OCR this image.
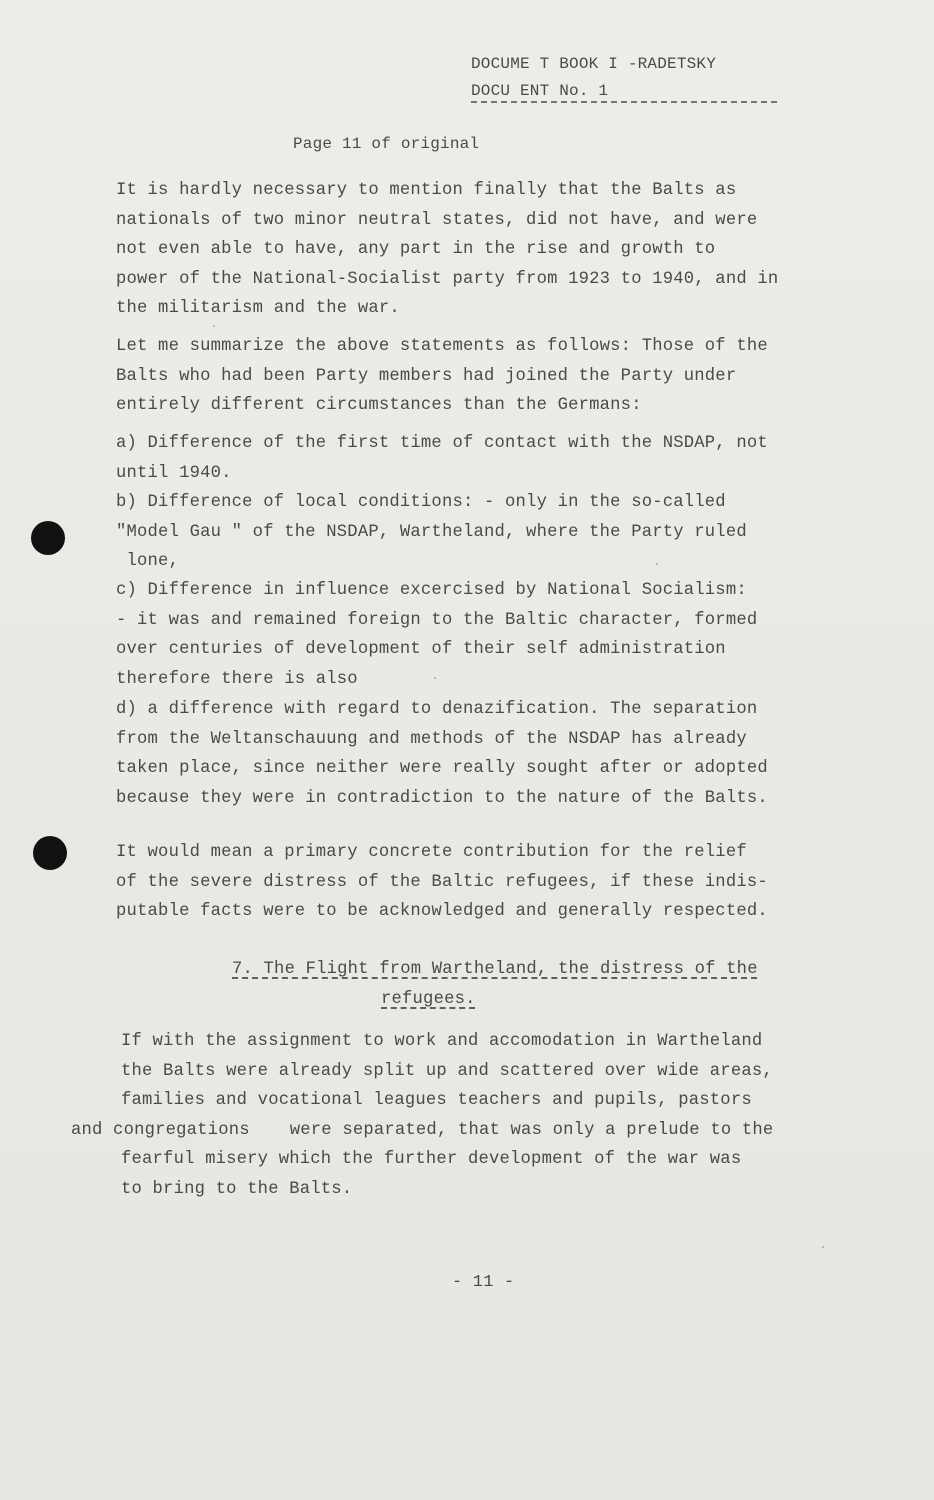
DOCUME T BOOK I -RADETSKY
DOCU ENT No. 1
Page 11 of original
It is hardly necessary to mention finally that the Balts as
nationals of two minor neutral states, did not have, and were
not even able to have, any part in the rise and growth to
power of the National-Socialist party from 1923 to 1940, and in
the militarism and the war.
Let me summarize the above statements as follows: Those of the
Balts who had been Party members had joined the Party under
entirely different circumstances than the Germans:
a) Difference of the first time of contact with the NSDAP, not
until 1940.
b) Difference of local conditions: - only in the so-called
"Model Gau " of the NSDAP, Wartheland, where the Party ruled
lone,
c) Difference in influence excercised by National Socialism:
- it was and remained foreign to the Baltic character, formed
over centuries of development of their self administration
therefore there is also
d) a difference with regard to denazification. The separation
from the Weltanschauung and methods of the NSDAP has already
taken place, since neither were really sought after or adopted
because they were in contradiction to the nature of the Balts.
It would mean a primary concrete contribution for the relief
of the severe distress of the Baltic refugees, if these indis-
putable facts were to be acknowledged and generally respected.
7. The Flight from Wartheland, the distress of the
refugees.
If with the assignment to work and accomodation in Wartheland
the Balts were already split up and scattered over wide areas,
families and vocational leagues teachers and pupils, pastors
and congregations were separated, that was only a prelude to the
fearful misery which the further development of the war was
to bring to the Balts.
- 11 -
